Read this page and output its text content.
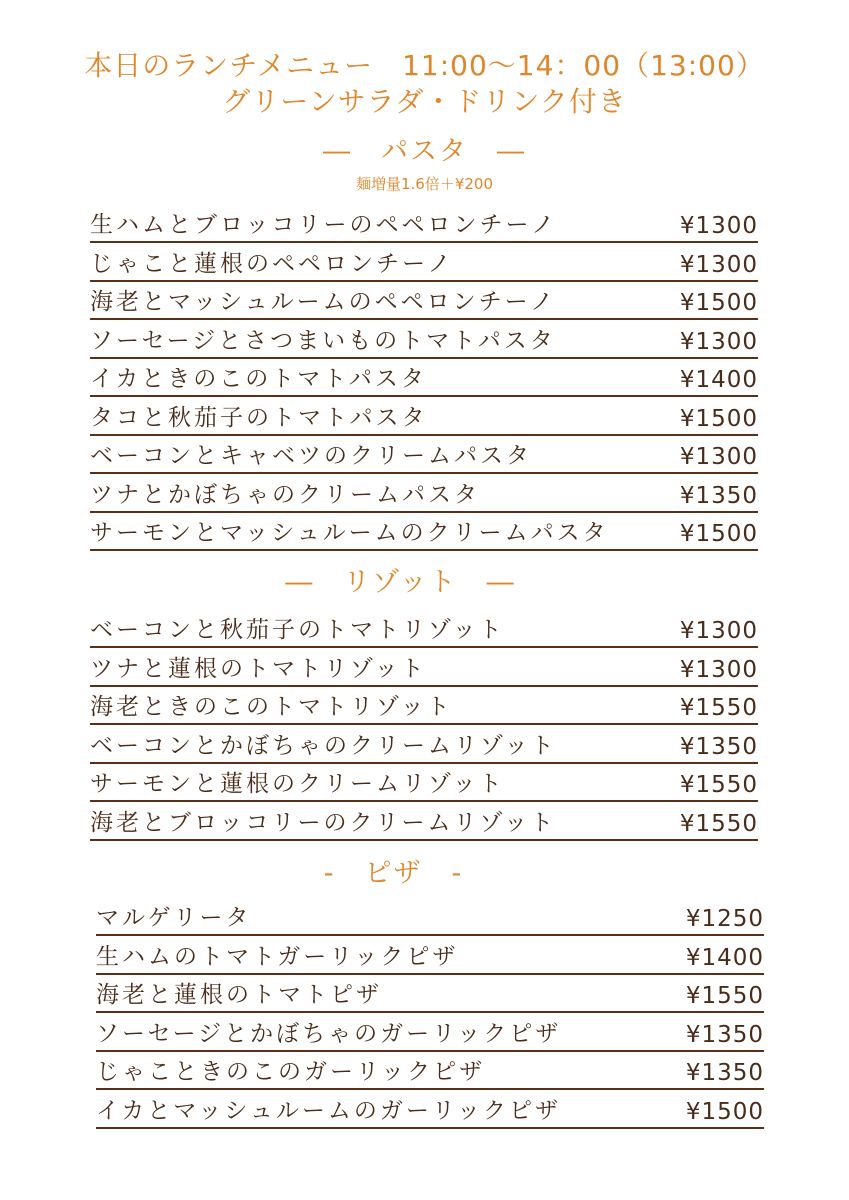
本日のランチメニュー　11:00〜14：00（13:00）
グリーンサラダ・ドリンク付き
―　パスタ　―
麺増量1.6倍＋¥200
生ハムとブロッコリーのペペロンチーノ	¥1300
じゃこと蓮根のペペロンチーノ	¥1300
海老とマッシュルームのペペロンチーノ	¥1500
ソーセージとさつまいものトマトパスタ	¥1300
イカときのこのトマトパスタ	¥1400
タコと秋茄子のトマトパスタ	¥1500
ベーコンとキャベツのクリームパスタ	¥1300
ツナとかぼちゃのクリームパスタ	¥1350
サーモンとマッシュルームのクリームパスタ	¥1500
―　リゾット　―
ベーコンと秋茄子のトマトリゾット	¥1300
ツナと蓮根のトマトリゾット	¥1300
海老ときのこのトマトリゾット	¥1550
ベーコンとかぼちゃのクリームリゾット	¥1350
サーモンと蓮根のクリームリゾット	¥1550
海老とブロッコリーのクリームリゾット	¥1550
-　ピザ　-
マルゲリータ	¥1250
生ハムのトマトガーリックピザ	¥1400
海老と蓮根のトマトピザ	¥1550
ソーセージとかぼちゃのガーリックピザ	¥1350
じゃこときのこのガーリックピザ	¥1350
イカとマッシュルームのガーリックピザ	¥1500
